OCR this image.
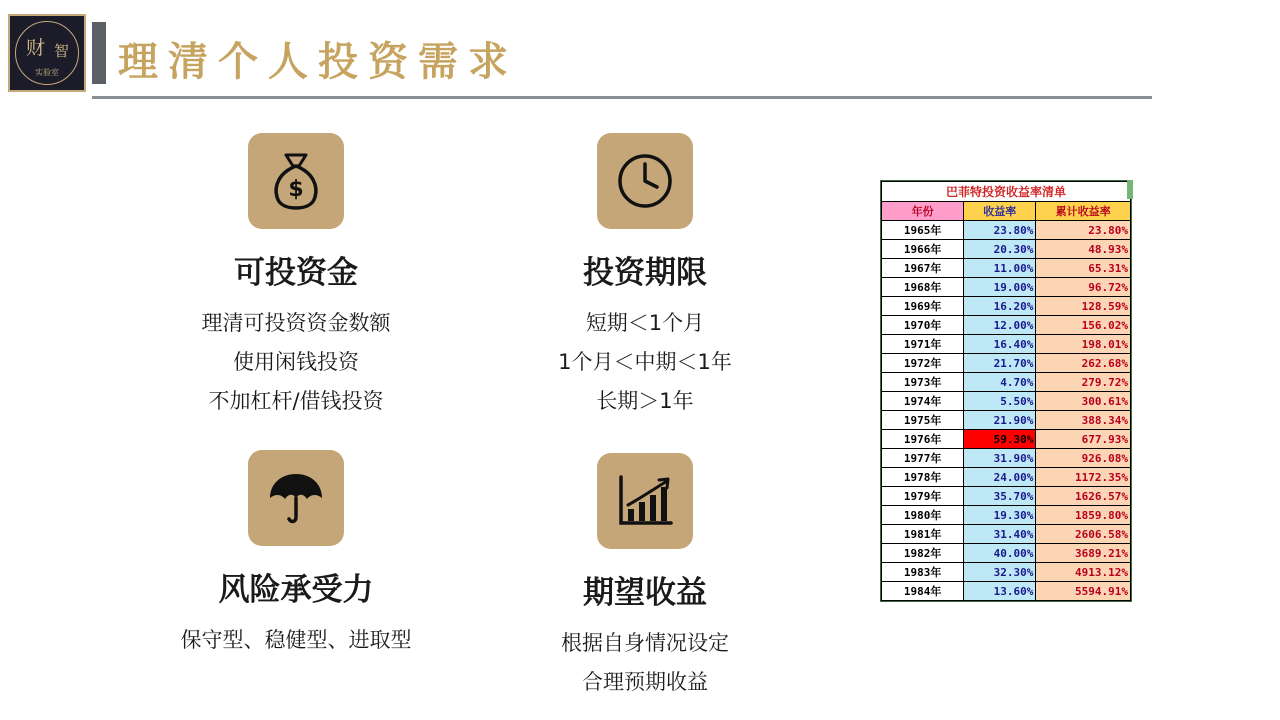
财 智
实验室	理清个人投资需求
$
可投资金
理清可投资资金数额
使用闲钱投资
不加杠杆/借钱投资
投资期限
短期＜1个月
1个月＜中期＜1年
长期＞1年
风险承受力
保守型、稳健型、进取型
期望收益
根据自身情况设定
合理预期收益
巴菲特投资收益率清单		
年份	收益率	累计收益率
1965年	23.80%	23.80%
1966年	20.30%	48.93%
1967年	11.00%	65.31%
1968年	19.00%	96.72%
1969年	16.20%	128.59%
1970年	12.00%	156.02%
1971年	16.40%	198.01%
1972年	21.70%	262.68%
1973年	4.70%	279.72%
1974年	5.50%	300.61%
1975年	21.90%	388.34%
1976年	59.30%	677.93%
1977年	31.90%	926.08%
1978年	24.00%	1172.35%
1979年	35.70%	1626.57%
1980年	19.30%	1859.80%
1981年	31.40%	2606.58%
1982年	40.00%	3689.21%
1983年	32.30%	4913.12%
1984年	13.60%	5594.91%
